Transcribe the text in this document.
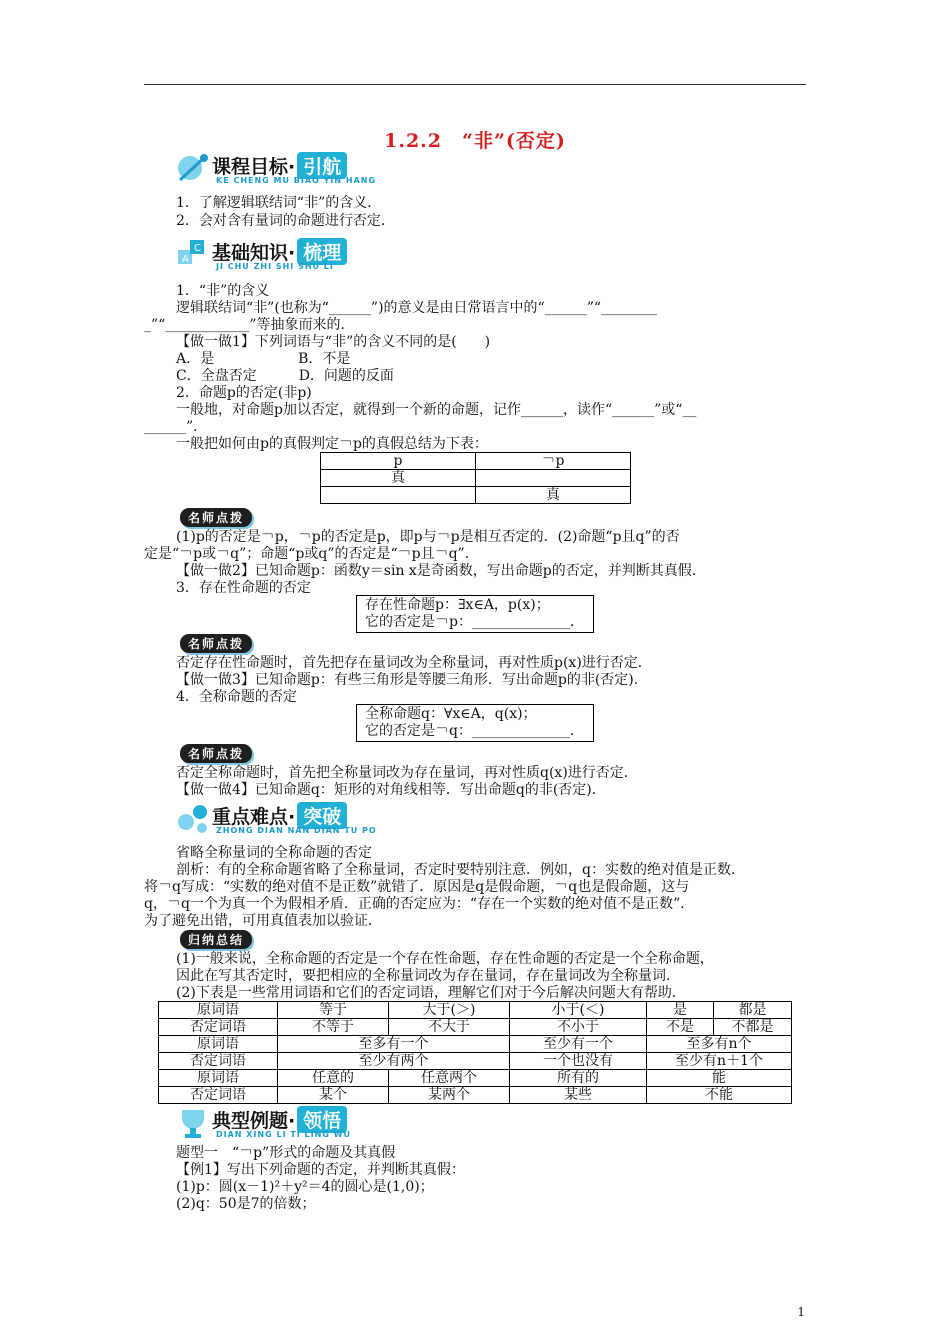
1.2.2　“非”(否定)
课程目标· 引航
KE CHENG MU BIAO YIN HANG
1．了解逻辑联结词“非”的含义．
2．会对含有量词的命题进行否定．
A
C 基础知识· 梳理
JI CHU ZHI SHI SHU LI
1．“非”的含义
逻辑联结词“非”(也称为“______”)的意义是由日常语言中的“______”“________
_”“____________”等抽象而来的．
【做一做1】下列词语与“非”的含义不同的是(　　)
A．是　　　　　　B．不是
C．全盘否定　　　D．问题的反面
2．命题p的否定(非p)
一般地，对命题p加以否定，就得到一个新的命题，记作______，读作“______”或“__
______”．
一般把如何由p的真假判定￢p的真假总结为下表：
p	￢p
真	
	真
名师点拨
(1)p的否定是￢p，￢p的否定是p，即p与￢p是相互否定的．(2)命题“p且q”的否
定是“￢p或￢q”；命题“p或q”的否定是“￢p且￢q”．
【做一做2】已知命题p：函数y＝sin x是奇函数，写出命题p的否定，并判断其真假．
3．存在性命题的否定
存在性命题p：∃x∈A，p(x)；
它的否定是￢p：______________．
名师点拨
否定存在性命题时，首先把存在量词改为全称量词，再对性质p(x)进行否定．
【做一做3】已知命题p：有些三角形是等腰三角形．写出命题p的非(否定)．
4．全称命题的否定
全称命题q：∀x∈A，q(x)；
它的否定是￢q：______________．
名师点拨
否定全称命题时，首先把全称量词改为存在量词，再对性质q(x)进行否定．
【做一做4】已知命题q：矩形的对角线相等．写出命题q的非(否定)．
重点难点· 突破
ZHONG DIAN NAN DIAN TU PO
省略全称量词的全称命题的否定
剖析：有的全称命题省略了全称量词，否定时要特别注意．例如，q：实数的绝对值是正数．
将￢q写成：“实数的绝对值不是正数”就错了．原因是q是假命题，￢q也是假命题，这与
q，￢q一个为真一个为假相矛盾．正确的否定应为：“存在一个实数的绝对值不是正数”．
为了避免出错，可用真值表加以验证．
归纳总结
(1)一般来说，全称命题的否定是一个存在性命题，存在性命题的否定是一个全称命题，
因此在写其否定时，要把相应的全称量词改为存在量词，存在量词改为全称量词．
(2)下表是一些常用词语和它们的否定词语，理解它们对于今后解决问题大有帮助．
原词语	等于	大于(＞)	小于(＜)	是	都是
否定词语	不等于	不大于	不小于	不是	不都是
原词语	至多有一个		至少有一个	至多有n个	
否定词语	至少有两个		一个也没有	至少有n＋1个	
原词语	任意的	任意两个	所有的	能	
否定词语	某个	某两个	某些	不能	
典型例题· 领悟
DIAN XING LI TI LING WU
题型一　“￢p”形式的命题及其真假
【例1】写出下列命题的否定，并判断其真假：
(1)p：圆(x－1)²＋y²＝4的圆心是(1,0)；
(2)q：50是7的倍数；
1
